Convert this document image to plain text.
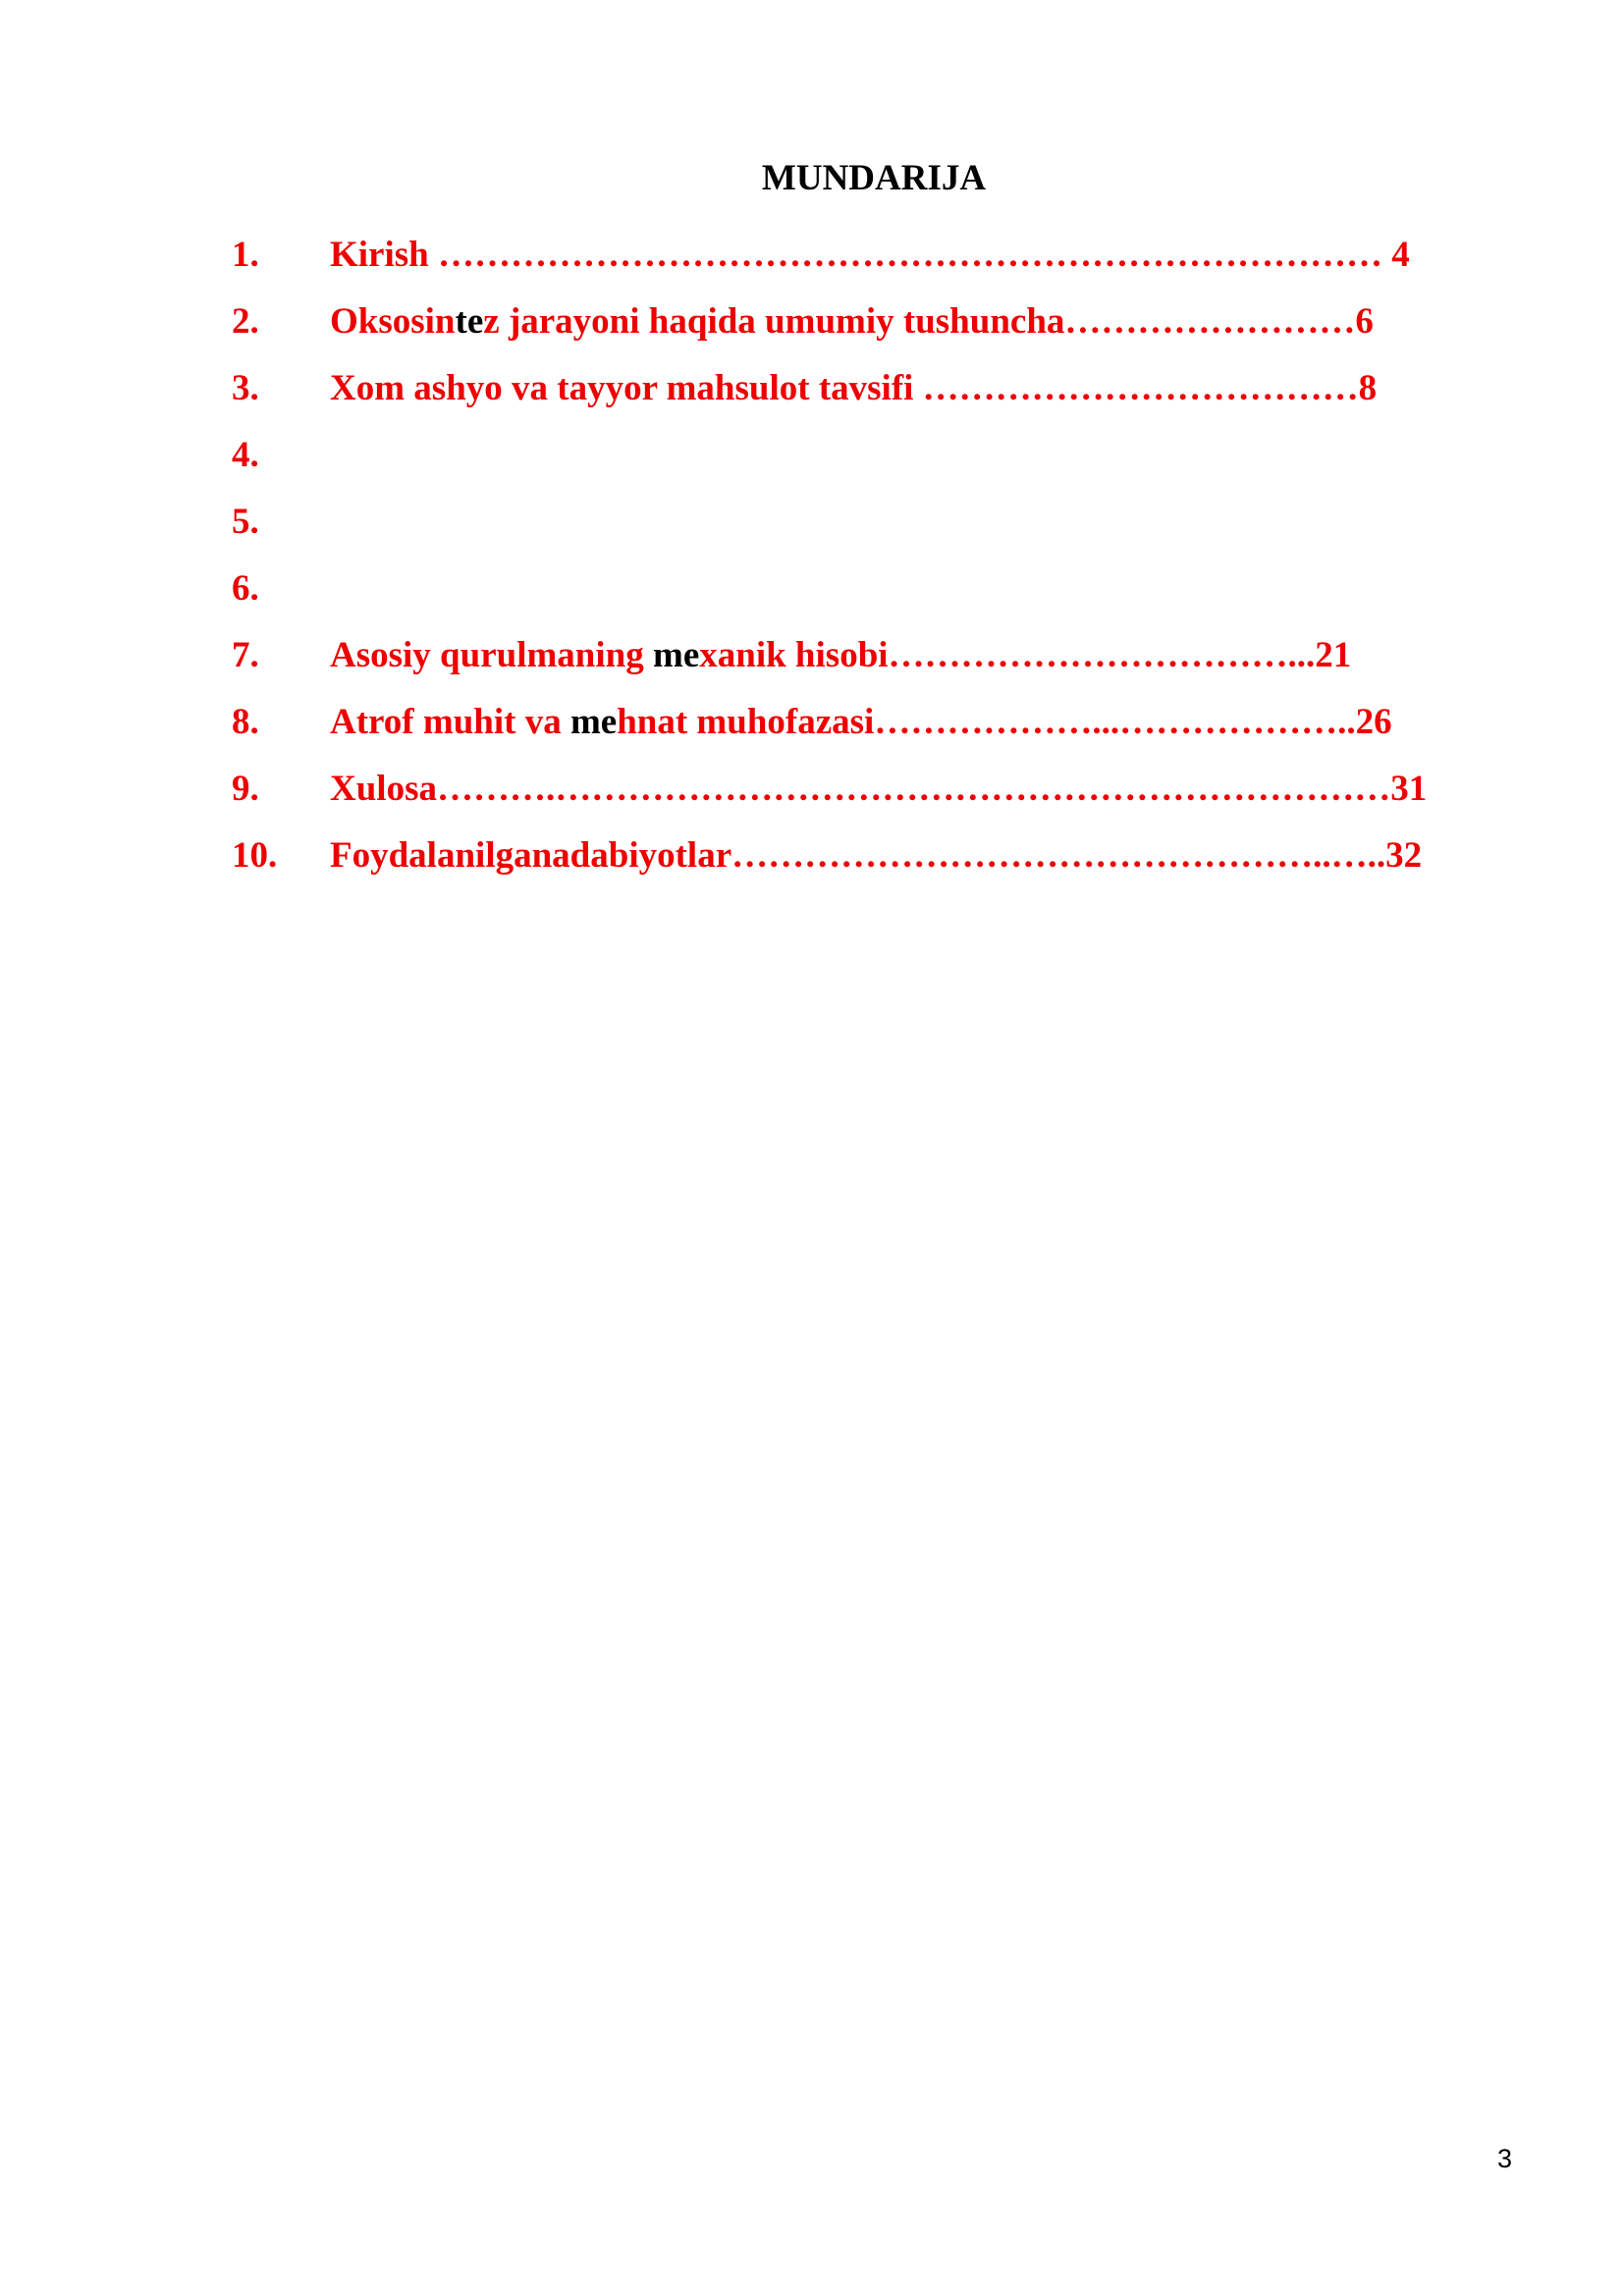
MUNDARIJA
1. Kirish …………………………………………………………………… 4
2. Oksosintez jarayoni haqida umumiy tushuncha……………………6
3. Xom ashyo va tayyor mahsulot tavsifi ………………………………8
4.
5.
6.
7. Asosiy qurulmaning mexanik hisobi……………………………...21
8. Atrof muhit va mehnat muhofazasi………………...………………..26
9. Xulosa……….……………………………………………………………31
10. Foydalanilganadabiyotlar…………………………………………..…..32
3
